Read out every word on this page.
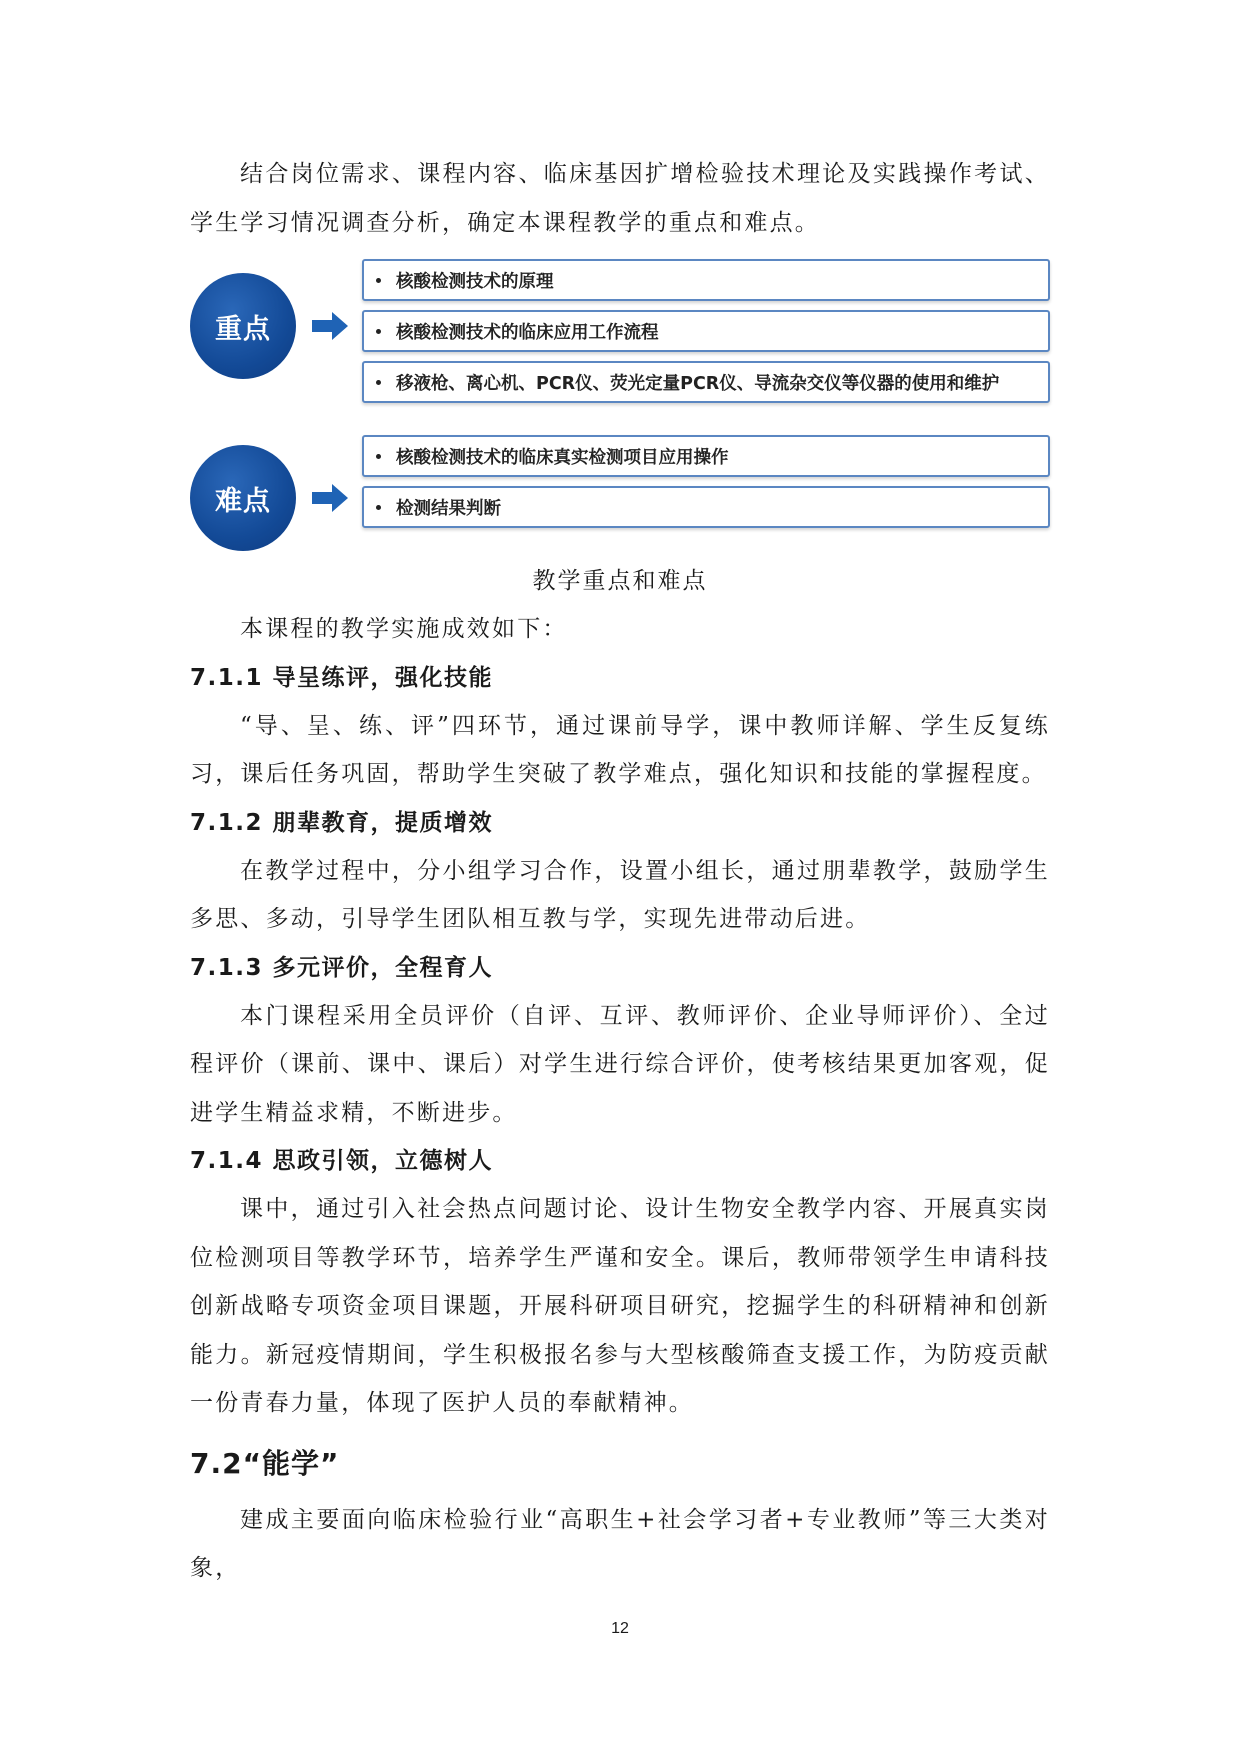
结合岗位需求、课程内容、临床基因扩增检验技术理论及实践操作考试、学生学习情况调查分析，确定本课程教学的重点和难点。

重点
核酸检测技术的原理
核酸检测技术的临床应用工作流程
移液枪、离心机、PCR仪、荧光定量PCR仪、导流杂交仪等仪器的使用和维护
难点
核酸检测技术的临床真实检测项目应用操作
检测结果判断

教学重点和难点

本课程的教学实施成效如下：

7.1.1 导呈练评，强化技能

“导、呈、练、评”四环节，通过课前导学，课中教师详解、学生反复练习，课后任务巩固，帮助学生突破了教学难点，强化知识和技能的掌握程度。

7.1.2 朋辈教育，提质增效

在教学过程中，分小组学习合作，设置小组长，通过朋辈教学，鼓励学生多思、多动，引导学生团队相互教与学，实现先进带动后进。

7.1.3 多元评价，全程育人

本门课程采用全员评价（自评、互评、教师评价、企业导师评价）、全过程评价（课前、课中、课后）对学生进行综合评价，使考核结果更加客观，促进学生精益求精，不断进步。

7.1.4 思政引领，立德树人

课中，通过引入社会热点问题讨论、设计生物安全教学内容、开展真实岗位检测项目等教学环节，培养学生严谨和安全。课后，教师带领学生申请科技创新战略专项资金项目课题，开展科研项目研究，挖掘学生的科研精神和创新能力。新冠疫情期间，学生积极报名参与大型核酸筛查支援工作，为防疫贡献一份青春力量，体现了医护人员的奉献精神。

7.2“能学”

建成主要面向临床检验行业“高职生+社会学习者+专业教师”等三大类对象，

12
